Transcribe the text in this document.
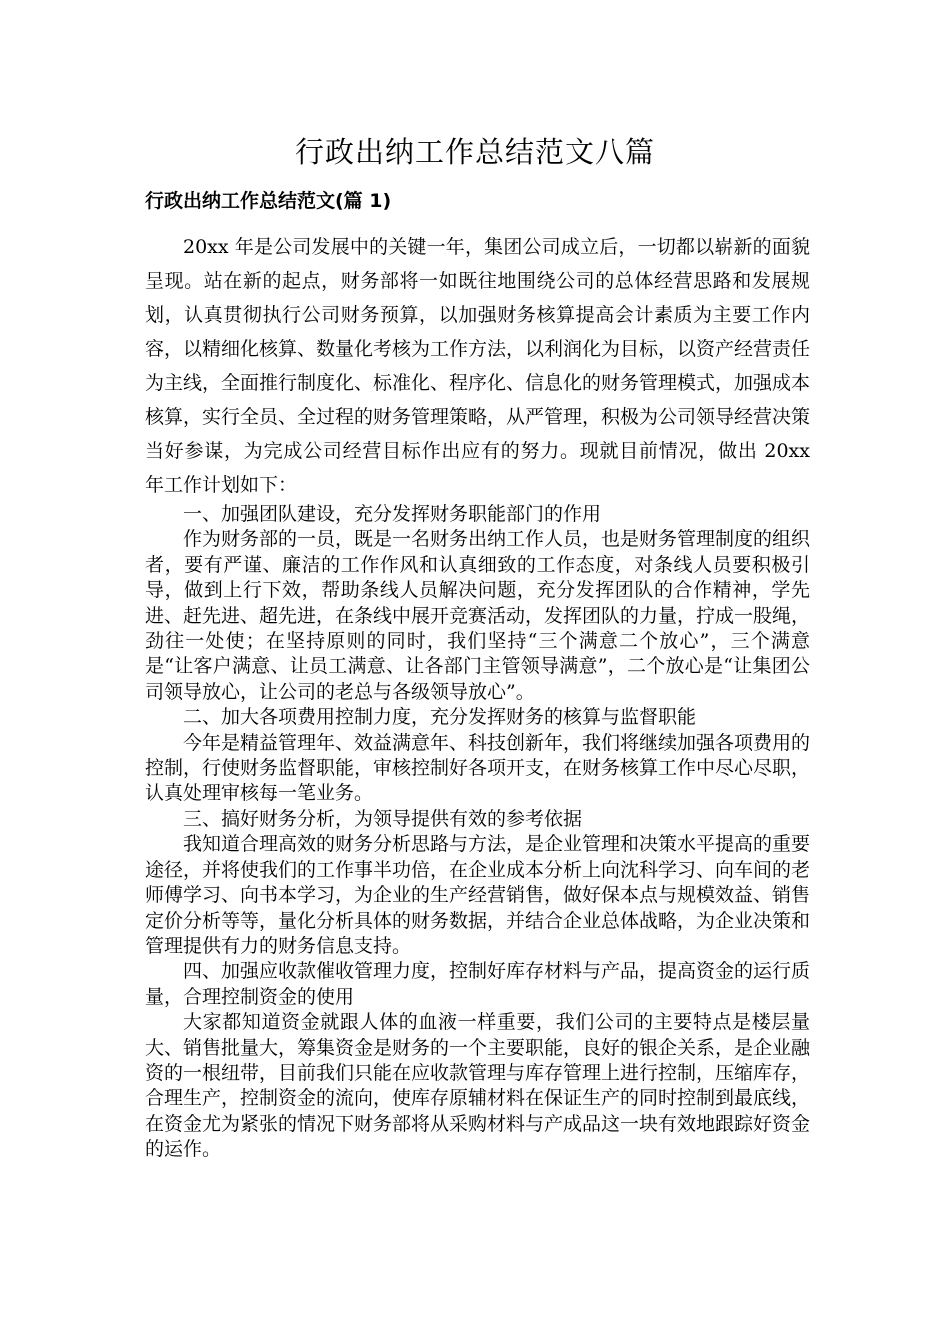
行政出纳工作总结范文八篇
行政出纳工作总结范文(篇 1)

20xx 年是公司发展中的关键一年，集团公司成立后，一切都以崭新的面貌呈现。站在新的起点，财务部将一如既往地围绕公司的总体经营思路和发展规划，认真贯彻执行公司财务预算，以加强财务核算提高会计素质为主要工作内容，以精细化核算、数量化考核为工作方法，以利润化为目标，以资产经营责任为主线，全面推行制度化、标准化、程序化、信息化的财务管理模式，加强成本核算，实行全员、全过程的财务管理策略，从严管理，积极为公司领导经营决策当好参谋，为完成公司经营目标作出应有的努力。现就目前情况，做出 20xx 年工作计划如下：

一、加强团队建设，充分发挥财务职能部门的作用

作为财务部的一员，既是一名财务出纳工作人员，也是财务管理制度的组织者，要有严谨、廉洁的工作作风和认真细致的工作态度，对条线人员要积极引导，做到上行下效，帮助条线人员解决问题，充分发挥团队的合作精神，学先进、赶先进、超先进，在条线中展开竞赛活动，发挥团队的力量，拧成一股绳，劲往一处使；在坚持原则的同时，我们坚持“三个满意二个放心”，三个满意是“让客户满意、让员工满意、让各部门主管领导满意”，二个放心是“让集团公司领导放心，让公司的老总与各级领导放心”。

二、加大各项费用控制力度，充分发挥财务的核算与监督职能

今年是精益管理年、效益满意年、科技创新年，我们将继续加强各项费用的控制，行使财务监督职能，审核控制好各项开支，在财务核算工作中尽心尽职，认真处理审核每一笔业务。

三、搞好财务分析，为领导提供有效的参考依据

我知道合理高效的财务分析思路与方法，是企业管理和决策水平提高的重要途径，并将使我们的工作事半功倍，在企业成本分析上向沈科学习、向车间的老师傅学习、向书本学习，为企业的生产经营销售，做好保本点与规模效益、销售定价分析等等，量化分析具体的财务数据，并结合企业总体战略，为企业决策和管理提供有力的财务信息支持。

四、加强应收款催收管理力度，控制好库存材料与产品，提高资金的运行质量，合理控制资金的使用

大家都知道资金就跟人体的血液一样重要，我们公司的主要特点是楼层量大、销售批量大，筹集资金是财务的一个主要职能，良好的银企关系，是企业融资的一根纽带，目前我们只能在应收款管理与库存管理上进行控制，压缩库存，合理生产，控制资金的流向，使库存原辅材料在保证生产的同时控制到最底线，在资金尤为紧张的情况下财务部将从采购材料与产成品这一块有效地跟踪好资金的运作。
